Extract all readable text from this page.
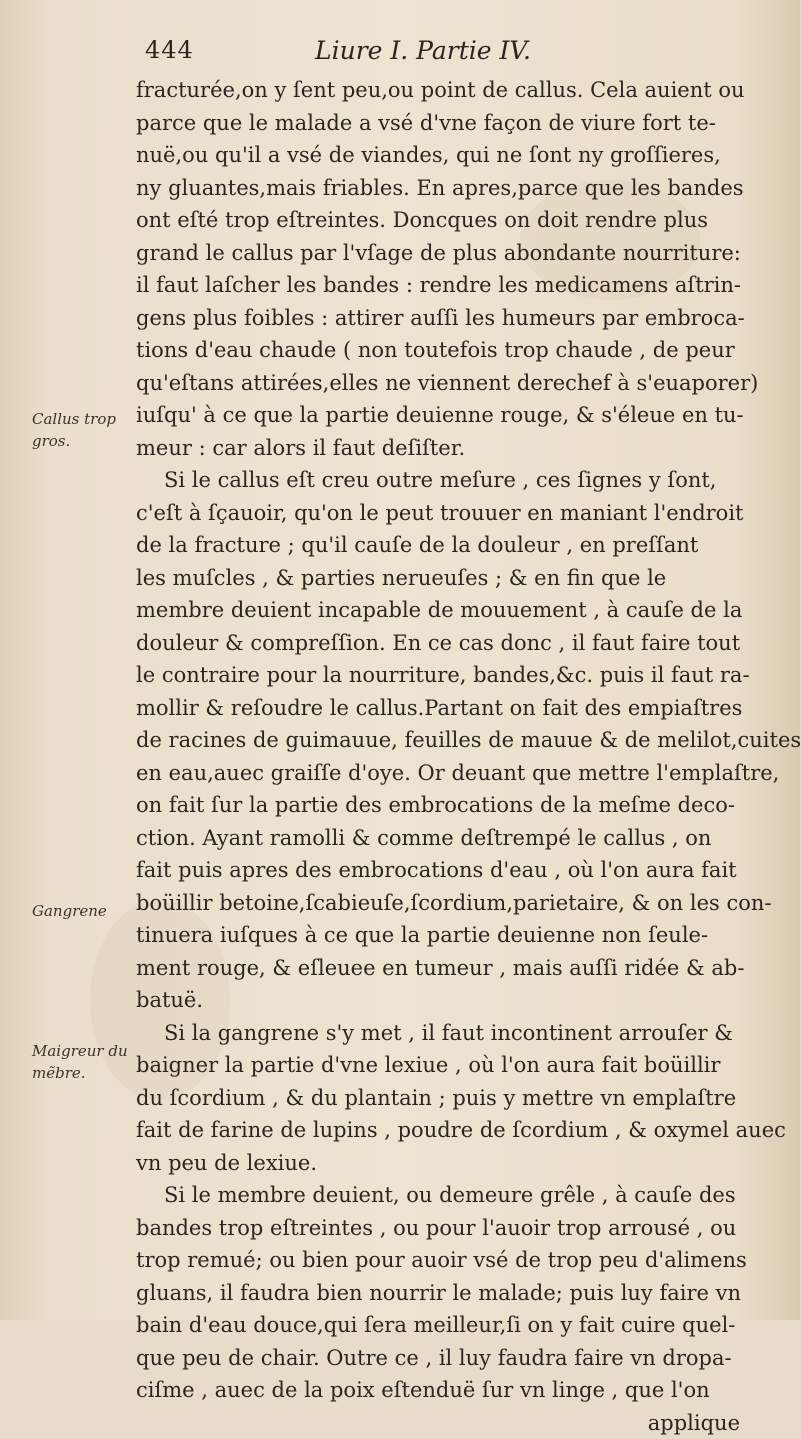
444	Liure I. Partie IV.
Callus trop gros.
Gangrene
Maigreur du mẽbre.
fracturée,on y ſent peu,ou point de callus. Cela auient ou
parce que le malade a vsé d'vne façon de viure fort te-
nuë,ou qu'il a vsé de viandes, qui ne ſont ny groſſieres,
ny gluantes,mais friables. En apres,parce que les bandes
ont eſté trop eſtreintes. Doncques on doit rendre plus
grand le callus par l'vſage de plus abondante nourriture:
il faut laſcher les bandes : rendre les medicamens aſtrin-
gens plus foibles : attirer auſſi les humeurs par embroca-
tions d'eau chaude ( non toutefois trop chaude , de peur
qu'eſtans attirées,elles ne viennent derechef à s'euaporer)
iuſqu' à ce que la partie deuienne rouge, & s'éleue en tu-
meur : car alors il faut deſiſter.
Si le callus eſt creu outre meſure , ces ſignes y ſont,
c'eſt à ſçauoir, qu'on le peut trouuer en maniant l'endroit
de la fracture ; qu'il cauſe de la douleur , en preſſant
les muſcles , & parties nerueuſes ; & en fin que le
membre deuient incapable de mouuement , à cauſe de la
douleur & compreſſion. En ce cas donc , il faut faire tout
le contraire pour la nourriture, bandes,&c. puis il faut ra-
mollir & reſoudre le callus.Partant on fait des empiaſtres
de racines de guimauue, feuilles de mauue & de melilot,cuites
en eau,auec graiſſe d'oye. Or deuant que mettre l'emplaſtre,
on fait ſur la partie des embrocations de la meſme deco-
ction. Ayant ramolli & comme deſtrempé le callus , on
fait puis apres des embrocations d'eau , où l'on aura fait
boüillir betoine,ſcabieuſe,ſcordium,parietaire, & on les con-
tinuera iuſques à ce que la partie deuienne non ſeule-
ment rouge, & eſleuee en tumeur , mais auſſi ridée & ab-
batuë.
Si la gangrene s'y met , il faut incontinent arrouſer &
baigner la partie d'vne lexiue , où l'on aura fait boüillir
du ſcordium , & du plantain ; puis y mettre vn emplaſtre
fait de farine de lupins , poudre de ſcordium , & oxymel auec
vn peu de lexiue.
Si le membre deuient, ou demeure grêle , à cauſe des
bandes trop eſtreintes , ou pour l'auoir trop arrousé , ou
trop remué; ou bien pour auoir vsé de trop peu d'alimens
gluans, il faudra bien nourrir le malade; puis luy faire vn
bain d'eau douce,qui ſera meilleur,ſi on y fait cuire quel-
que peu de chair. Outre ce , il luy faudra faire vn dropa-
ciſme , auec de la poix eſtenduë ſur vn linge , que l'on
applique
